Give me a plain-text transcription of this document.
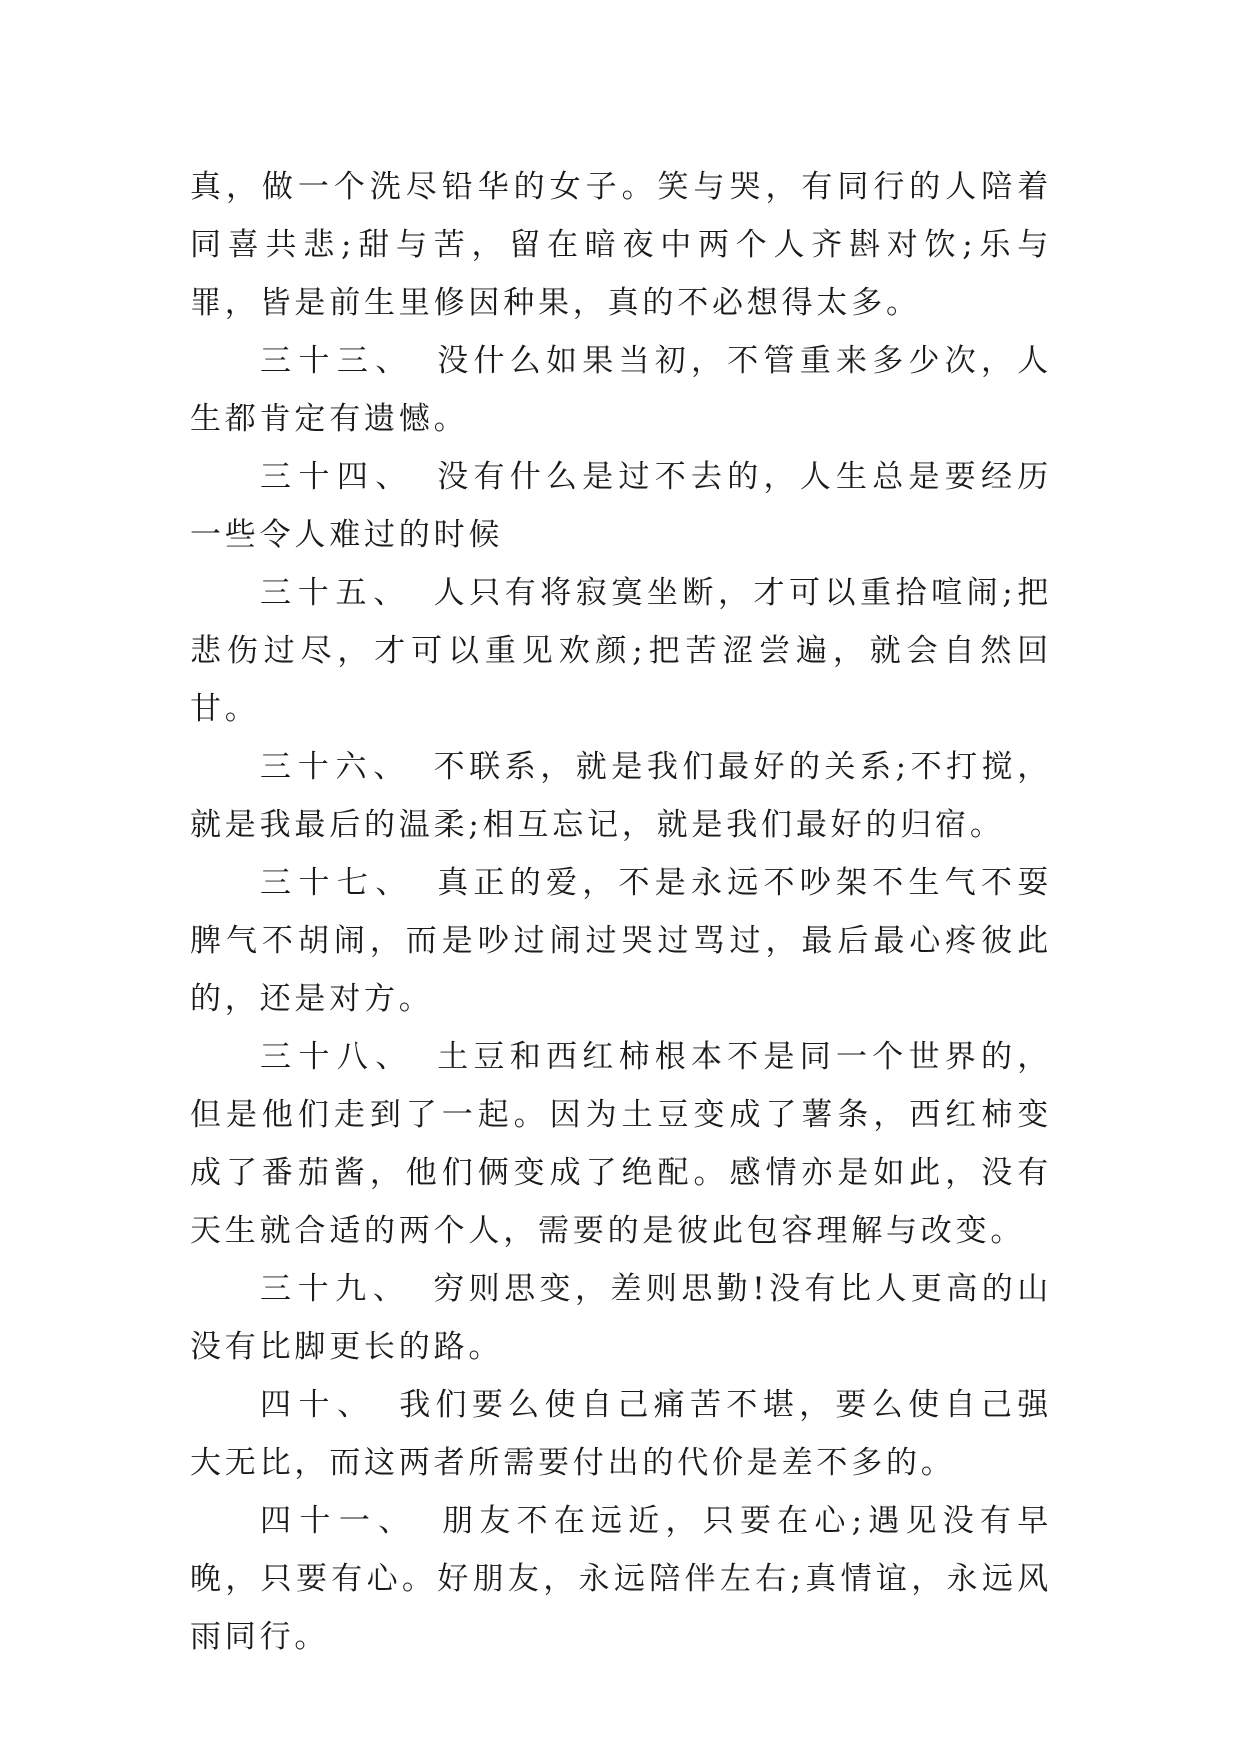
真，做一个洗尽铅华的女子。笑与哭，有同行的人陪着同喜共悲;甜与苦，留在暗夜中两个人齐斟对饮;乐与罪，皆是前生里修因种果，真的不必想得太多。

三十三、 没什么如果当初，不管重来多少次，人生都肯定有遗憾。

三十四、 没有什么是过不去的，人生总是要经历一些令人难过的时候

三十五、 人只有将寂寞坐断，才可以重拾喧闹;把悲伤过尽，才可以重见欢颜;把苦涩尝遍，就会自然回甘。

三十六、 不联系，就是我们最好的关系;不打搅，就是我最后的温柔;相互忘记，就是我们最好的归宿。

三十七、 真正的爱，不是永远不吵架不生气不耍脾气不胡闹，而是吵过闹过哭过骂过，最后最心疼彼此的，还是对方。

三十八、 土豆和西红柿根本不是同一个世界的，但是他们走到了一起。因为土豆变成了薯条，西红柿变成了番茄酱，他们俩变成了绝配。感情亦是如此，没有天生就合适的两个人，需要的是彼此包容理解与改变。

三十九、 穷则思变，差则思勤!没有比人更高的山没有比脚更长的路。

四十、 我们要么使自己痛苦不堪，要么使自己强大无比，而这两者所需要付出的代价是差不多的。

四十一、 朋友不在远近，只要在心;遇见没有早晚，只要有心。好朋友，永远陪伴左右;真情谊，永远风雨同行。
